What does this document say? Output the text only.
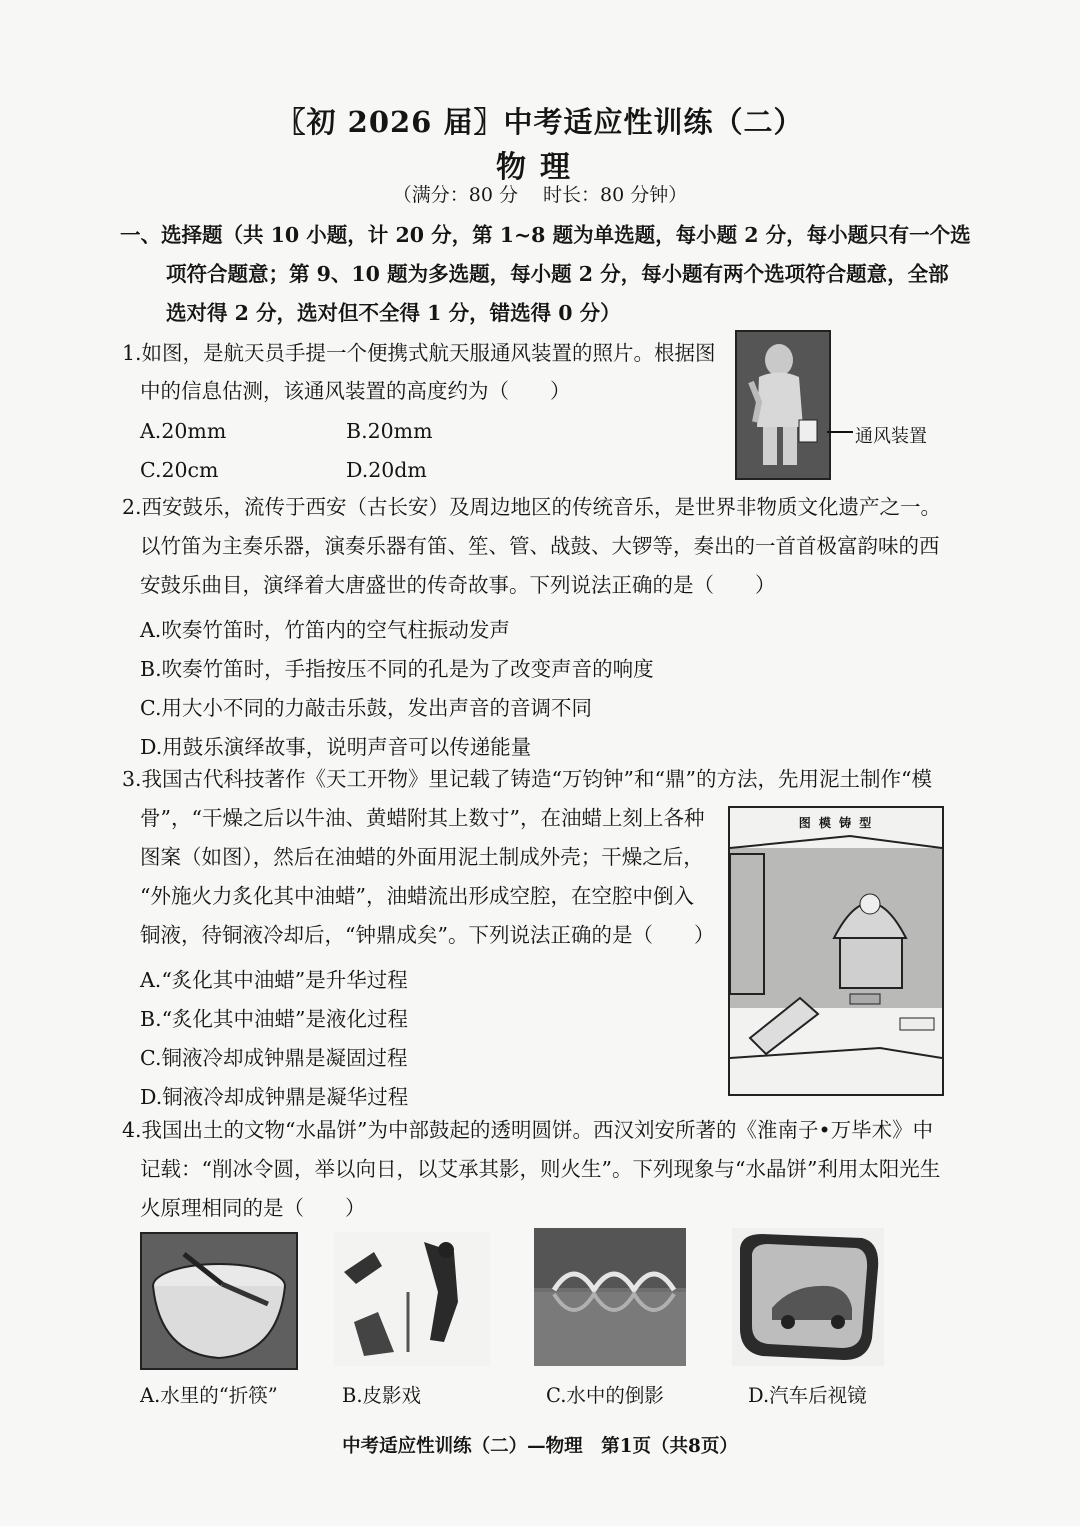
〖初 2026 届〗中考适应性训练（二）
物理
（满分：80 分　 时长：80 分钟）
一、选择题（共 10 小题，计 20 分，第 1~8 题为单选题，每小题 2 分，每小题只有一个选
项符合题意；第 9、10 题为多选题，每小题 2 分，每小题有两个选项符合题意，全部
选对得 2 分，选对但不全得 1 分，错选得 0 分）
1.如图，是航天员手提一个便携式航天服通风装置的照片。根据图
中的信息估测，该通风装置的高度约为（　　）
A.20mm	B.20mm
C.20cm	D.20dm
通风装置
2.西安鼓乐，流传于西安（古长安）及周边地区的传统音乐，是世界非物质文化遗产之一。
以竹笛为主奏乐器，演奏乐器有笛、笙、管、战鼓、大锣等，奏出的一首首极富韵味的西
安鼓乐曲目，演绎着大唐盛世的传奇故事。下列说法正确的是（　　）
A.吹奏竹笛时，竹笛内的空气柱振动发声
B.吹奏竹笛时，手指按压不同的孔是为了改变声音的响度
C.用大小不同的力敲击乐鼓，发出声音的音调不同
D.用鼓乐演绎故事，说明声音可以传递能量
3.我国古代科技著作《天工开物》里记载了铸造“万钧钟”和“鼎”的方法，先用泥土制作“模
骨”，“干燥之后以牛油、黄蜡附其上数寸”，在油蜡上刻上各种
图案（如图），然后在油蜡的外面用泥土制成外壳；干燥之后，
“外施火力炙化其中油蜡”，油蜡流出形成空腔，在空腔中倒入
铜液，待铜液冷却后，“钟鼎成矣”。下列说法正确的是（　　）
A.“炙化其中油蜡”是升华过程
B.“炙化其中油蜡”是液化过程
C.铜液冷却成钟鼎是凝固过程
D.铜液冷却成钟鼎是凝华过程
图 模 铸 型
4.我国出土的文物“水晶饼”为中部鼓起的透明圆饼。西汉刘安所著的《淮南子•万毕术》中
记载：“削冰令圆，举以向日，以艾承其影，则火生”。下列现象与“水晶饼”利用太阳光生
火原理相同的是（　　）
A.水里的“折筷”	B.皮影戏	C.水中的倒影	D.汽车后视镜
中考适应性训练（二）—物理 第1页（共8页）
